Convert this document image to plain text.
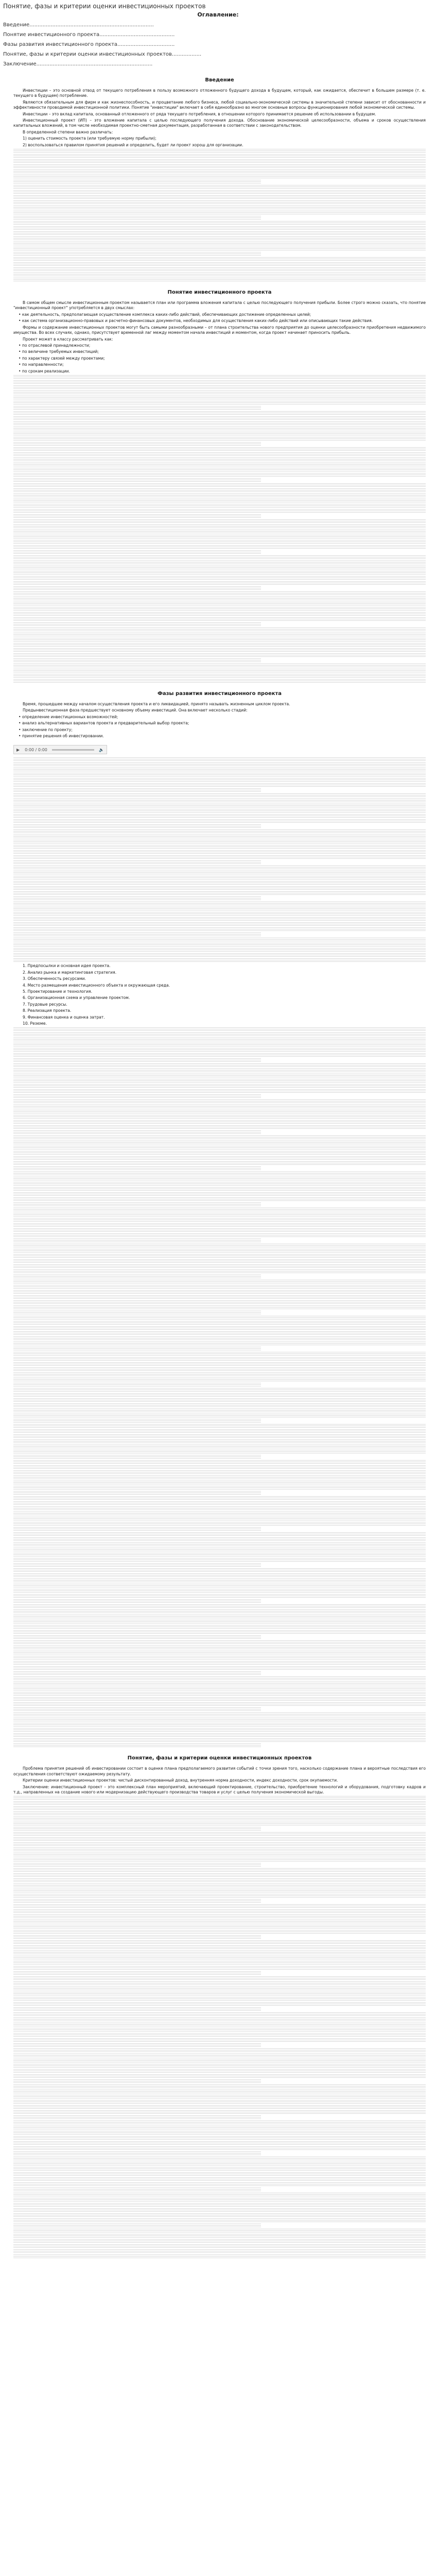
Понятие, фазы и критерии оценки инвестиционных проектов
Оглавление:
Введение............................................................................
Понятие инвестиционного проекта..............................................
Фазы развития инвестиционного проекта...................................
Понятие, фазы и критерии оценки инвестиционных проектов..................
Заключение.......................................................................
Введение

Инвестиции – это основной отвод от текущего потребления в пользу возможного отложенного будущего дохода в будущем, который, как ожидается, обеспечит в большем размере (т. е. текущего в будущем) потребление.

Являются обязательным для фирм и как жизнеспособность, и процветание любого бизнеса, любой социально-экономической системы в значительной степени зависит от обоснованности и эффективности проводимой инвестиционной политики. Понятие "инвестиции" включает в себя единообразно во многом основные вопросы функционирования любой экономической системы.

Инвестиции – это вклад капитала, основанный отложенного от ряда текущего потребления, в отношении которого принимается решение об использовании в будущем.

Инвестиционный проект (ИП) – это вложение капитала с целью последующего получения дохода. Обоснование экономической целесообразности, объема и сроков осуществления капитальных вложений, в том числе необходимая проектно-сметная документация, разработанная в соответствии с законодательством.

В определенной степени важно различать:

1) оценить стоимость проекта (или требуемую норму прибыли);

2) воспользоваться правилом принятия решений и определить, будет ли проект хорош для организации.

Понятие инвестиционного проекта

В самом общем смысле инвестиционным проектом называется план или программа вложения капитала с целью последующего получения прибыли. Более строго можно сказать, что понятие "инвестиционный проект" употребляется в двух смыслах:

• как деятельность, предполагающая осуществление комплекса каких-либо действий, обеспечивающих достижение определенных целей;

• как система организационно-правовых и расчетно-финансовых документов, необходимых для осуществления каких-либо действий или описывающих такие действия.

Формы и содержание инвестиционных проектов могут быть самыми разнообразными – от плана строительства нового предприятия до оценки целесообразности приобретения недвижимого имущества. Во всех случаях, однако, присутствует временной лаг между моментом начала инвестиций и моментом, когда проект начинает приносить прибыль.

Проект может в классу рассматривать как:

• по отраслевой принадлежности;

• по величине требуемых инвестиций;

• по характеру связей между проектами;

• по направленности;

• по срокам реализации.

Фазы развития инвестиционного проекта

Время, прошедшее между началом осуществления проекта и его ликвидацией, принято называть жизненным циклом проекта.

Предынвестиционная фаза предшествует основному объему инвестиций. Она включает несколько стадий:

• определение инвестиционных возможностей;

• анализ альтернативных вариантов проекта и предварительный выбор проекта;

• заключение по проекту;

• принятие решения об инвестировании.

▶	0:00 / 0:00	🔈

1. Предпосылки и основная идея проекта.

2. Анализ рынка и маркетинговая стратегия.

3. Обеспеченность ресурсами.

4. Место размещения инвестиционного объекта и окружающая среда.

5. Проектирование и технология.

6. Организационная схема и управление проектом.

7. Трудовые ресурсы.

8. Реализация проекта.

9. Финансовая оценка и оценка затрат.

10. Резюме.

Понятие, фазы и критерии оценки инвестиционных проектов

Проблема принятия решений об инвестировании состоит в оценке плана предполагаемого развития событий с точки зрения того, насколько содержание плана и вероятные последствия его осуществления соответствуют ожидаемому результату.

Критерии оценки инвестиционных проектов: чистый дисконтированный доход, внутренняя норма доходности, индекс доходности, срок окупаемости.

Заключение: инвестиционный проект – это комплексный план мероприятий, включающий проектирование, строительство, приобретение технологий и оборудования, подготовку кадров и т.д., направленных на создание нового или модернизацию действующего производства товаров и услуг с целью получения экономической выгоды.
